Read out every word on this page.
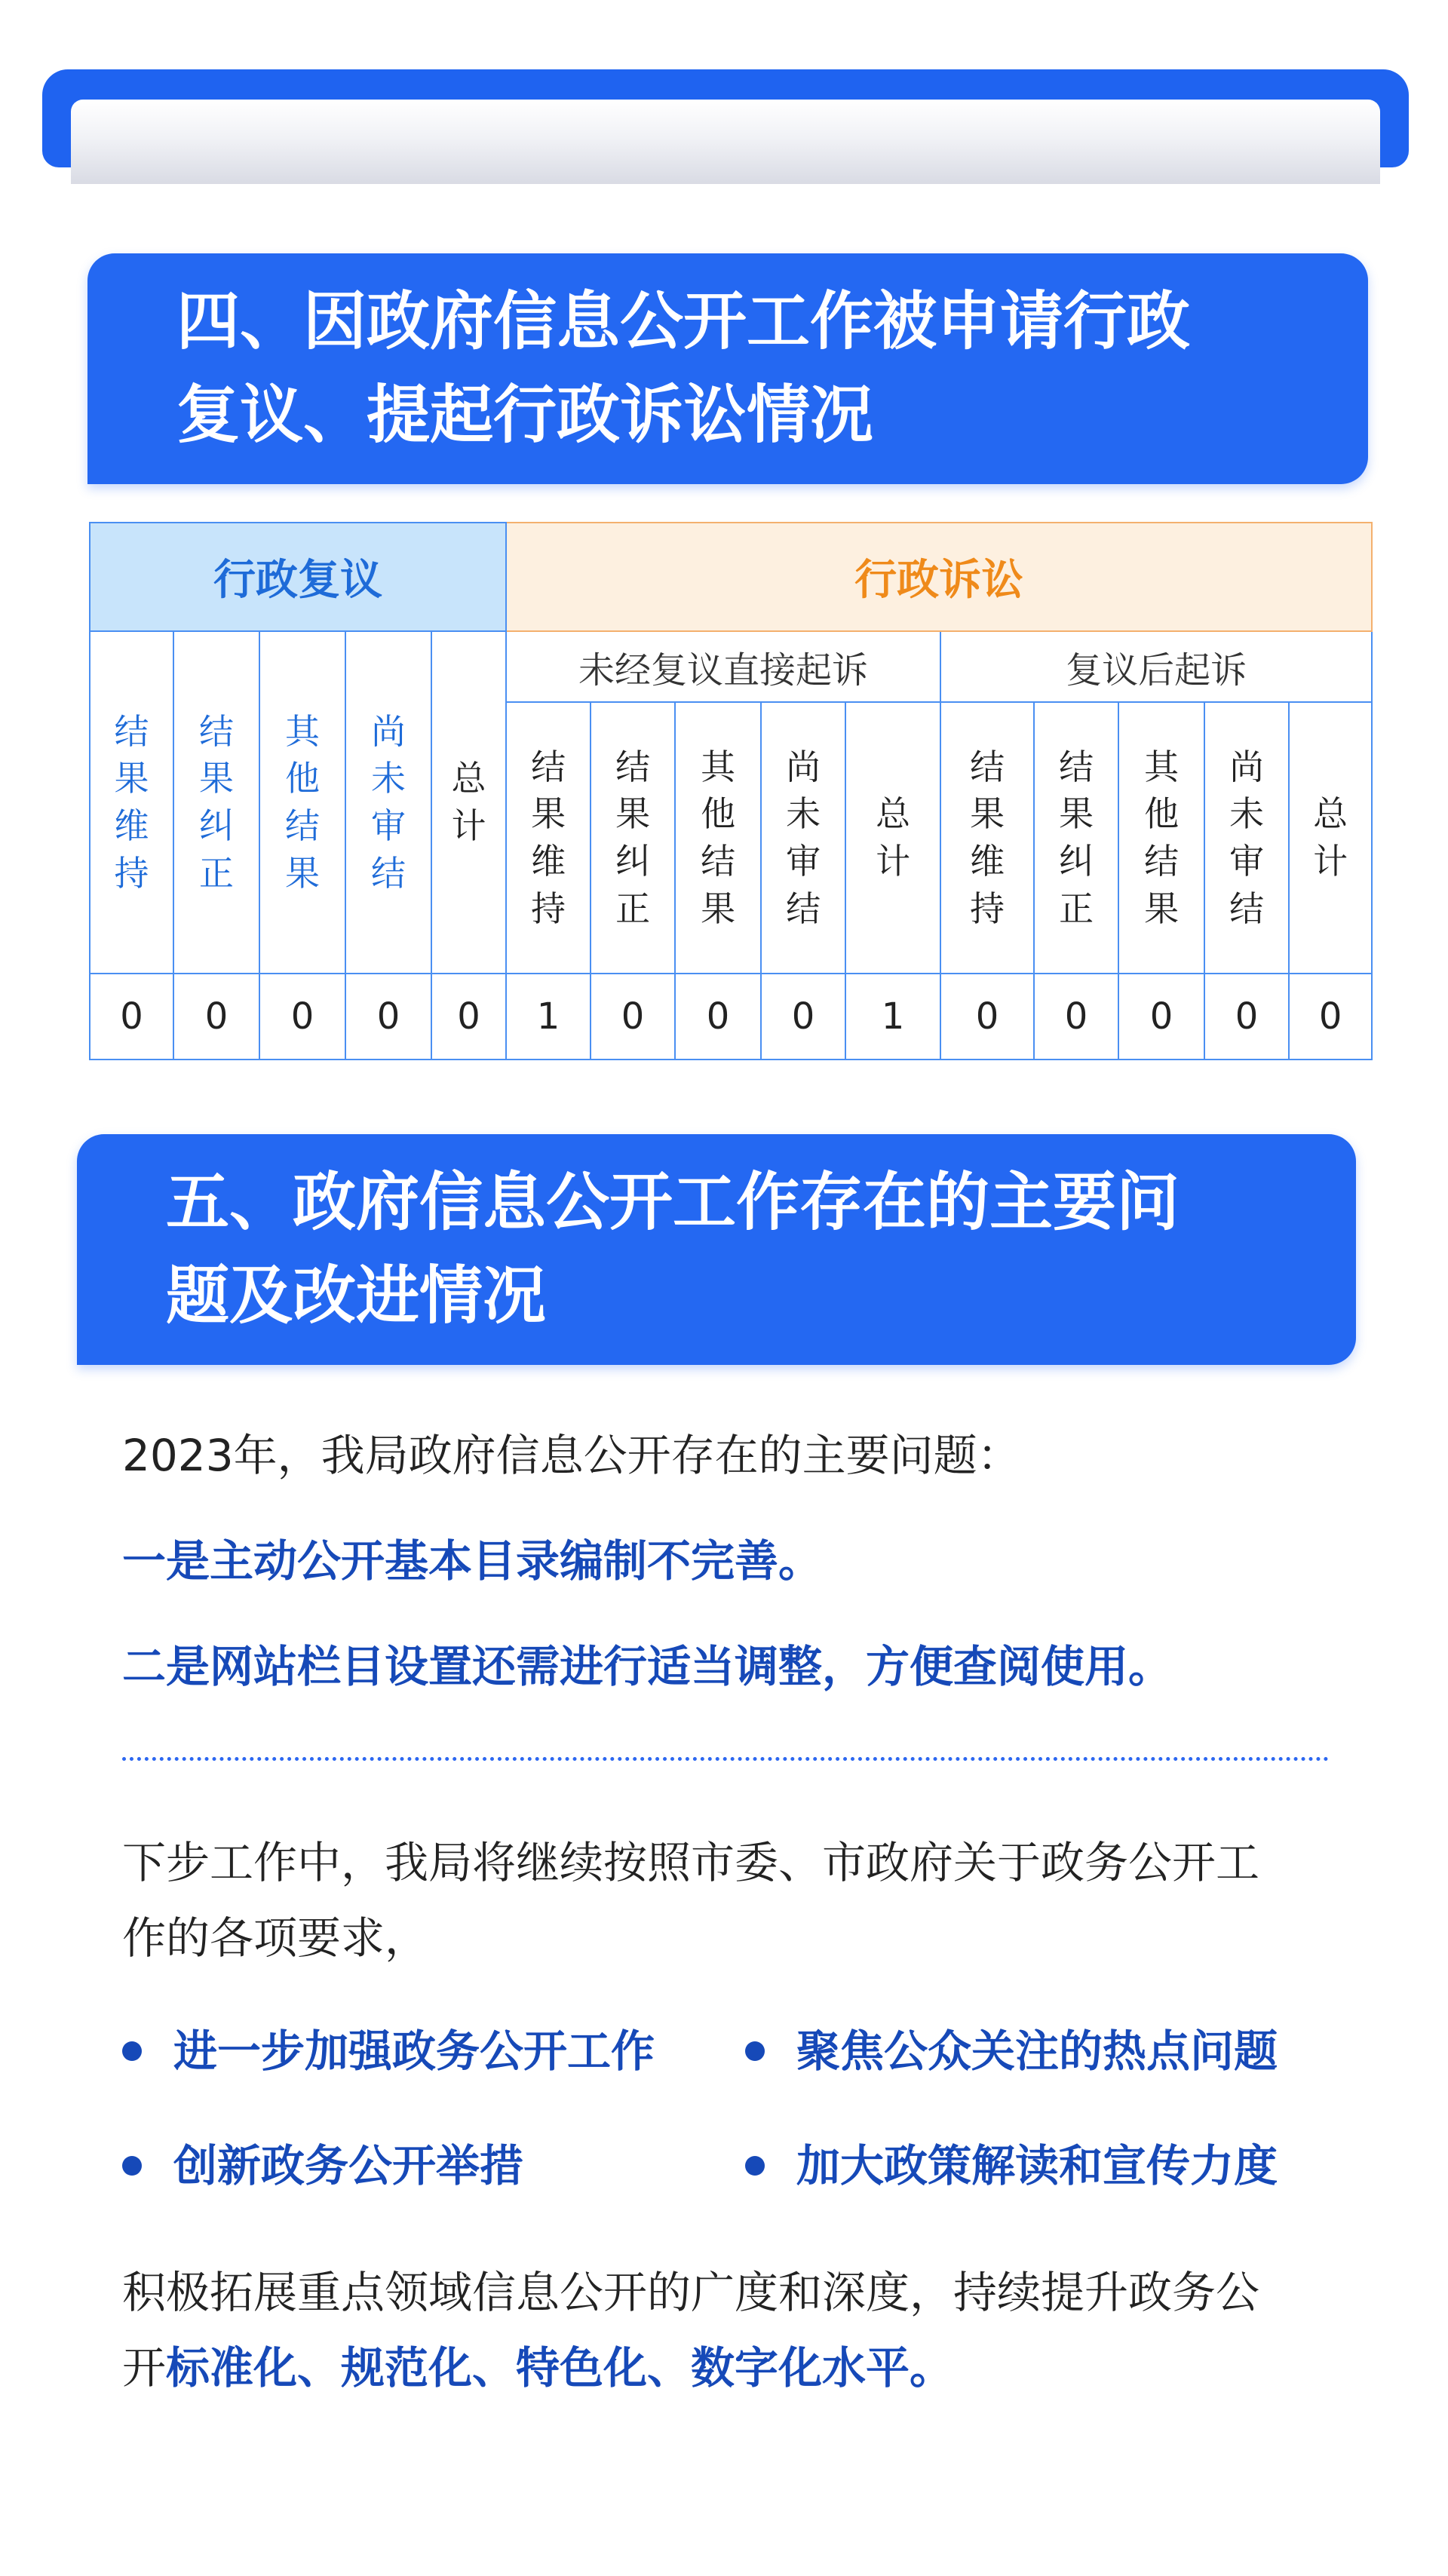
四、因政府信息公开工作被申请行政
复议、提起行政诉讼情况
行政复议					行政诉讼									
结果维持	结果纠正	其他结果	尚未审结	总计	未经复议直接起诉					复议后起诉				
					结果维持	结果纠正	其他结果	尚未审结	总计	结果维持	结果纠正	其他结果	尚未审结	总计
0	0	0	0	0	1	0	0	0	1	0	0	0	0	0
五、政府信息公开工作存在的主要问
题及改进情况

2023年，我局政府信息公开存在的主要问题：

一是主动公开基本目录编制不完善。

二是网站栏目设置还需进行适当调整，方便查阅使用。

下步工作中，我局将继续按照市委、市政府关于政务公开工

作的各项要求，

进一步加强政务公开工作	聚焦公众关注的热点问题
创新政务公开举措	加大政策解读和宣传力度

积极拓展重点领域信息公开的广度和深度，持续提升政务公

开标准化、规范化、特色化、数字化水平。
